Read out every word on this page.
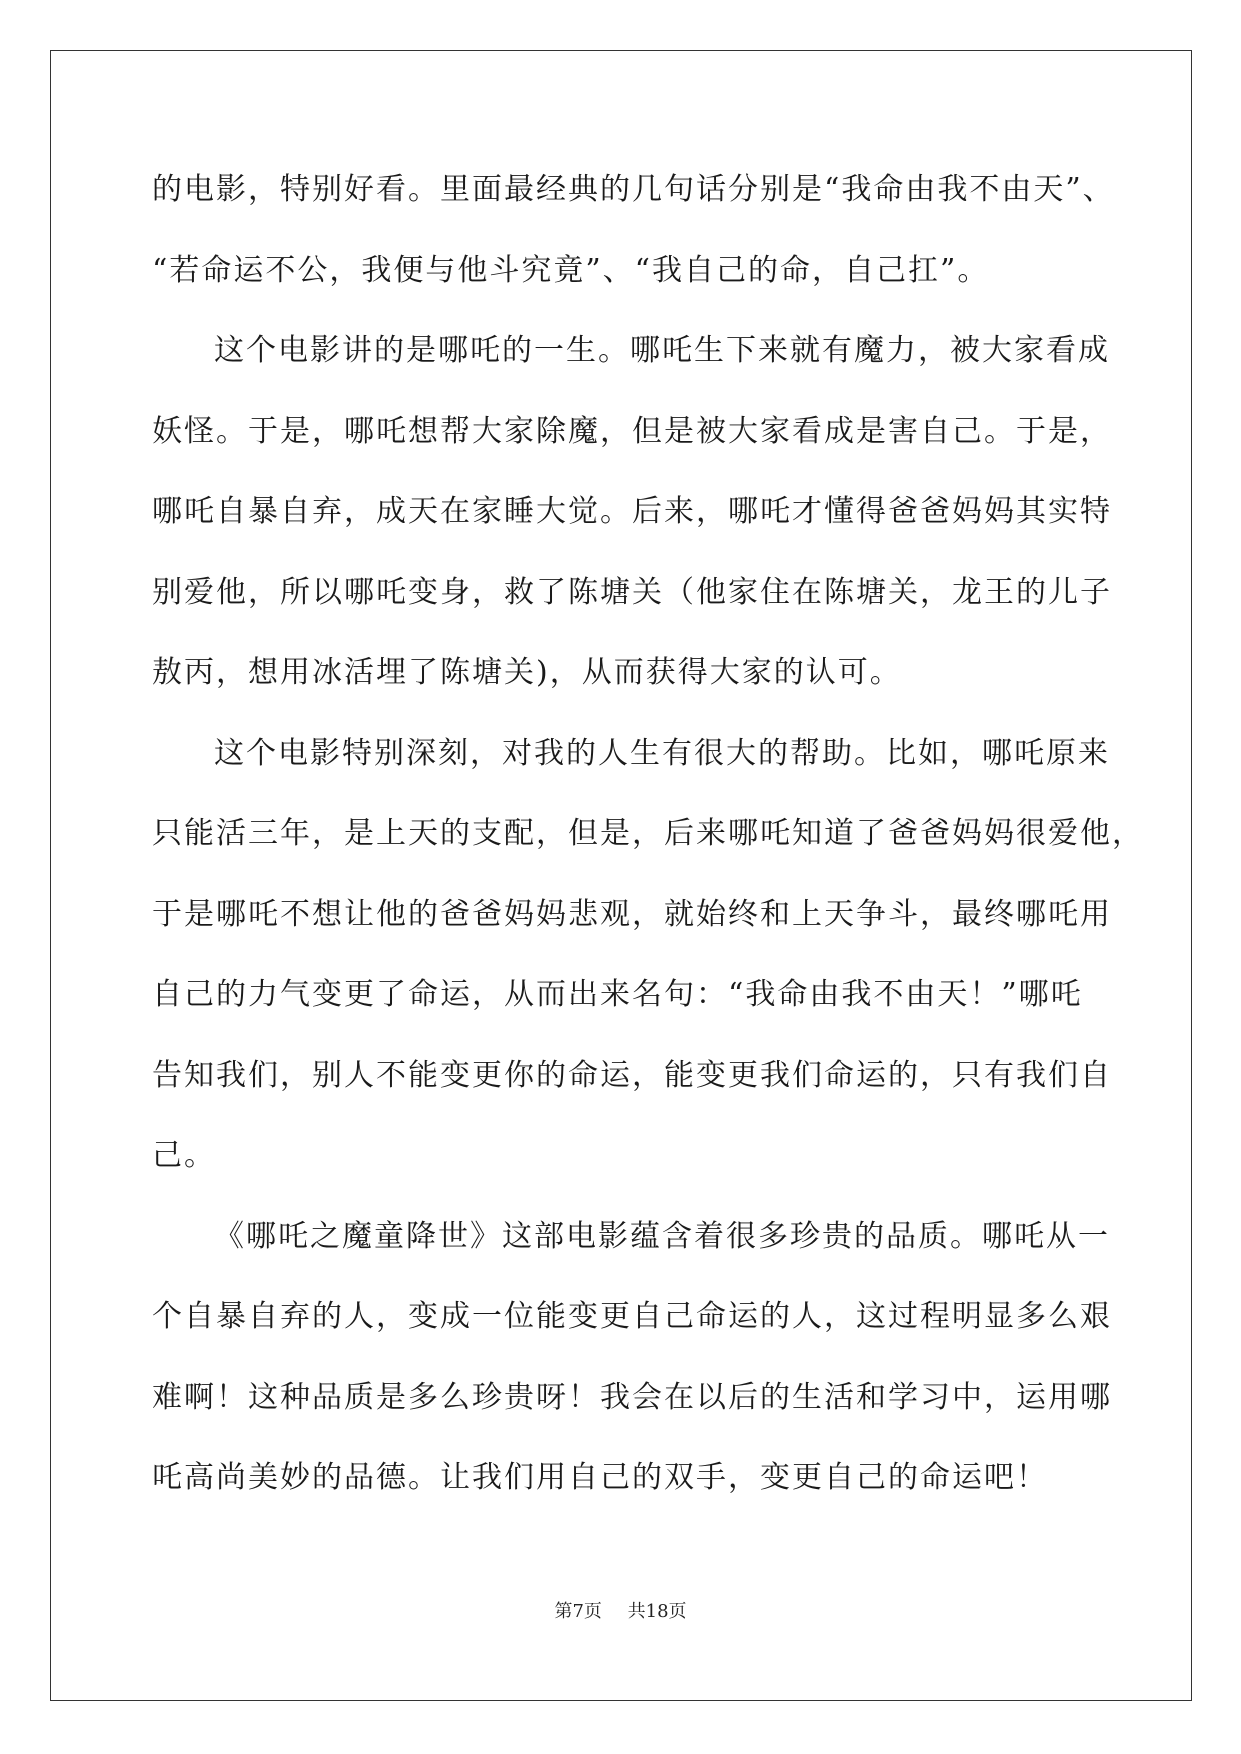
的电影，特别好看。里面最经典的几句话分别是“我命由我不由天”、
“若命运不公，我便与他斗究竟”、“我自己的命，自己扛”。
这个电影讲的是哪吒的一生。哪吒生下来就有魔力，被大家看成
妖怪。于是，哪吒想帮大家除魔，但是被大家看成是害自己。于是，
哪吒自暴自弃，成天在家睡大觉。后来，哪吒才懂得爸爸妈妈其实特
别爱他，所以哪吒变身，救了陈塘关（他家住在陈塘关，龙王的儿子
敖丙，想用冰活埋了陈塘关)，从而获得大家的认可。
这个电影特别深刻，对我的人生有很大的帮助。比如，哪吒原来
只能活三年，是上天的支配，但是，后来哪吒知道了爸爸妈妈很爱他，
于是哪吒不想让他的爸爸妈妈悲观，就始终和上天争斗，最终哪吒用
自己的力气变更了命运，从而出来名句：“我命由我不由天！”哪吒
告知我们，别人不能变更你的命运，能变更我们命运的，只有我们自
己。
《哪吒之魔童降世》这部电影蕴含着很多珍贵的品质。哪吒从一
个自暴自弃的人，变成一位能变更自己命运的人，这过程明显多么艰
难啊！这种品质是多么珍贵呀！我会在以后的生活和学习中，运用哪
吒高尚美妙的品德。让我们用自己的双手，变更自己的命运吧！
第7页 共18页
